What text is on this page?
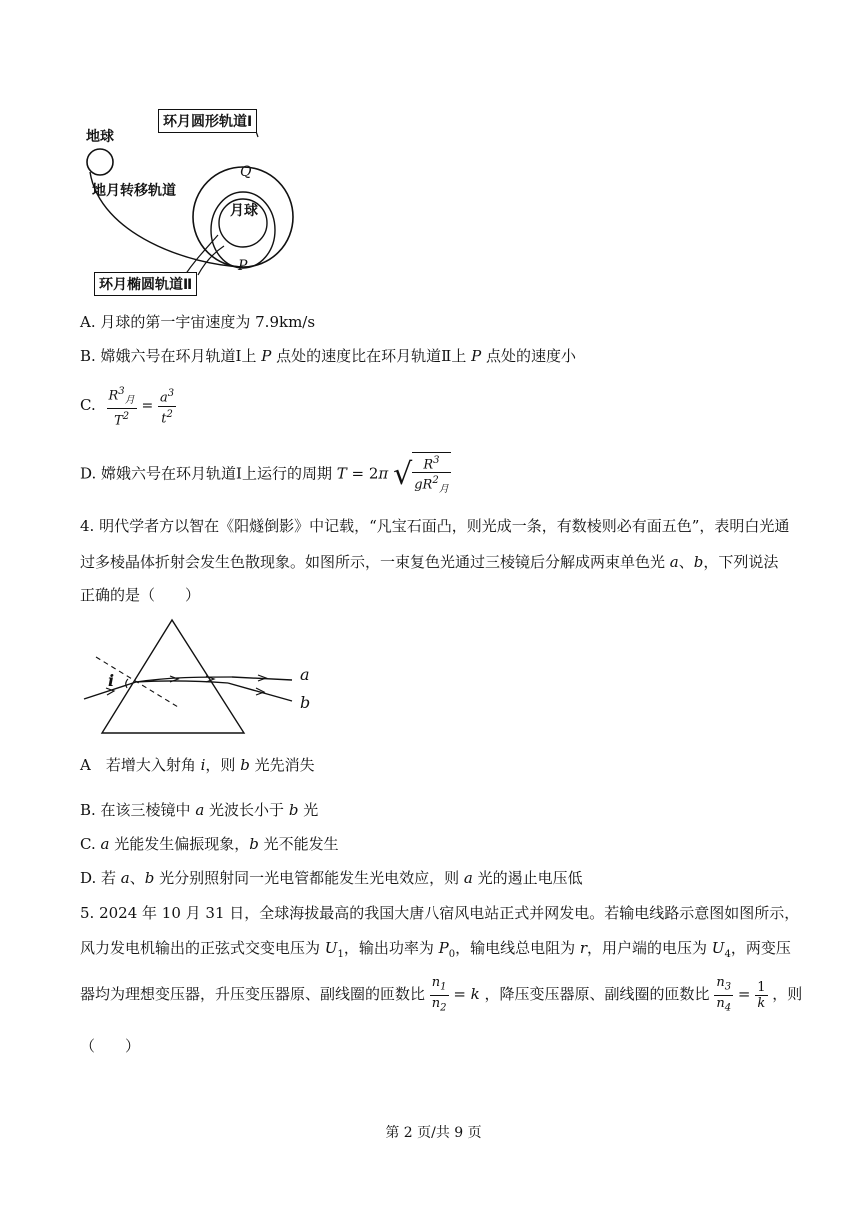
地球
环月圆形轨道Ⅰ
地月转移轨道
Q
月球
P
环月椭圆轨道Ⅱ
A. 月球的第一宇宙速度为 7.9km/s
B. 嫦娥六号在环月轨道Ⅰ上 P 点处的速度比在环月轨道Ⅱ上 P 点处的速度小
C. $\frac{R^3_月}{T^2} = \frac{a^3}{t^2}$
D. 嫦娥六号在环月轨道Ⅰ上运行的周期 T = 2π √ $\frac{R^3}{gR^2_月}$
4. 明代学者方以智在《阳燧倒影》中记载，“凡宝石面凸，则光成一条，有数棱则必有面五色”，表明白光通
过多棱晶体折射会发生色散现象。如图所示，一束复色光通过三棱镜后分解成两束单色光 a、b，下列说法
正确的是（　　）
i	a
b
A　若增大入射角 i，则 b 光先消失
B. 在该三棱镜中 a 光波长小于 b 光
C. a 光能发生偏振现象，b 光不能发生
D. 若 a、b 光分别照射同一光电管都能发生光电效应，则 a 光的遏止电压低
5. 2024 年 10 月 31 日，全球海拔最高的我国大唐八宿风电站正式并网发电。若输电线路示意图如图所示，
风力发电机输出的正弦式交变电压为 $U_1$，输出功率为 $P_0$，输电线总电阻为 r，用户端的电压为 $U_4$，两变压
器均为理想变压器，升压变压器原、副线圈的匝数比 $\frac{n_1}{n_2} = k$ ，降压变压器原、副线圈的匝数比 $\frac{n_3}{n_4} = \frac{1}{k}$ ，则
（　　）
第 2 页/共 9 页
